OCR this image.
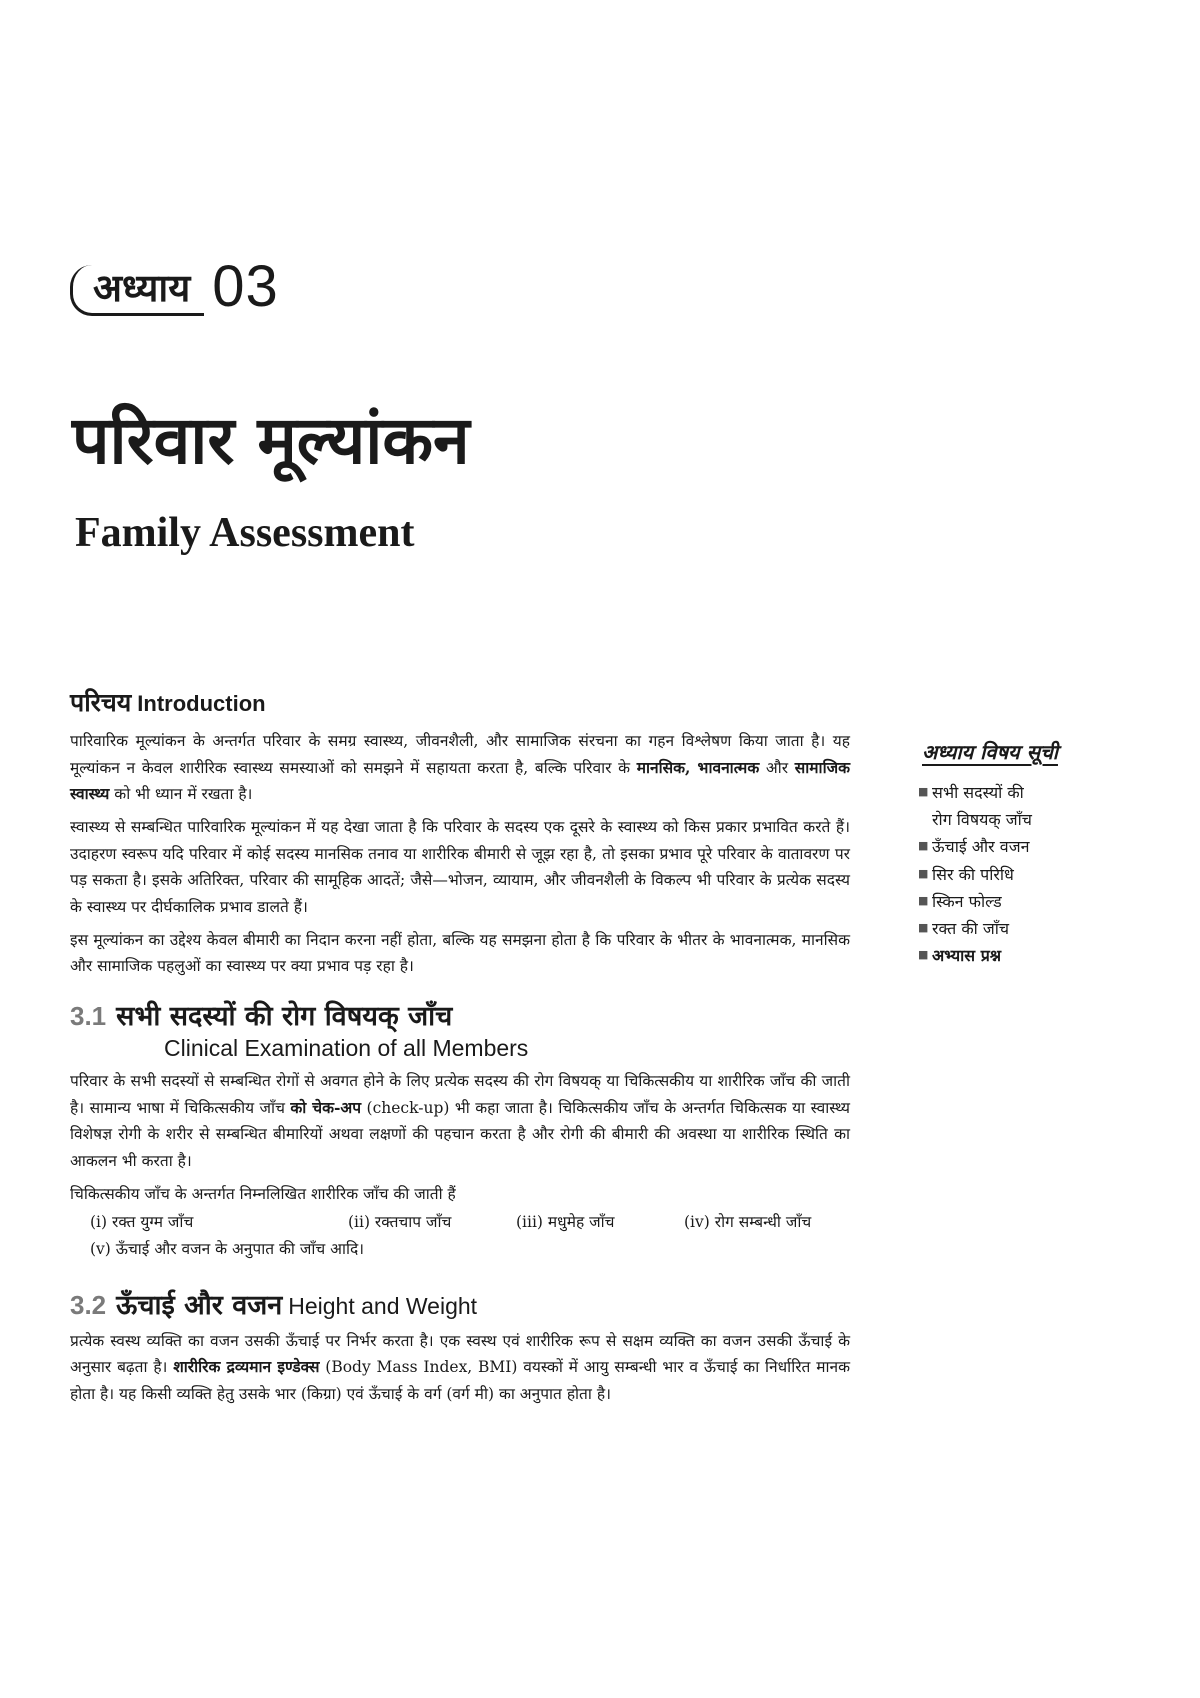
अध्याय 03
परिवार मूल्यांकन
Family Assessment
परिचय Introduction

पारिवारिक मूल्यांकन के अन्तर्गत परिवार के समग्र स्वास्थ्य, जीवनशैली, और सामाजिक संरचना का गहन विश्लेषण किया जाता है। यह मूल्यांकन न केवल शारीरिक स्वास्थ्य समस्याओं को समझने में सहायता करता है, बल्कि परिवार के मानसिक, भावनात्मक और सामाजिक स्वास्थ्य को भी ध्यान में रखता है।

स्वास्थ्य से सम्बन्धित पारिवारिक मूल्यांकन में यह देखा जाता है कि परिवार के सदस्य एक दूसरे के स्वास्थ्य को किस प्रकार प्रभावित करते हैं। उदाहरण स्वरूप यदि परिवार में कोई सदस्य मानसिक तनाव या शारीरिक बीमारी से जूझ रहा है, तो इसका प्रभाव पूरे परिवार के वातावरण पर पड़ सकता है। इसके अतिरिक्त, परिवार की सामूहिक आदतें; जैसे—भोजन, व्यायाम, और जीवनशैली के विकल्प भी परिवार के प्रत्येक सदस्य के स्वास्थ्य पर दीर्घकालिक प्रभाव डालते हैं।

इस मूल्यांकन का उद्देश्य केवल बीमारी का निदान करना नहीं होता, बल्कि यह समझना होता है कि परिवार के भीतर के भावनात्मक, मानसिक और सामाजिक पहलुओं का स्वास्थ्य पर क्या प्रभाव पड़ रहा है।

3.1 सभी सदस्यों की रोग विषयक् जाँच
Clinical Examination of all Members

परिवार के सभी सदस्यों से सम्बन्धित रोगों से अवगत होने के लिए प्रत्येक सदस्य की रोग विषयक् या चिकित्सकीय या शारीरिक जाँच की जाती है। सामान्य भाषा में चिकित्सकीय जाँच को चेक-अप (check-up) भी कहा जाता है। चिकित्सकीय जाँच के अन्तर्गत चिकित्सक या स्वास्थ्य विशेषज्ञ रोगी के शरीर से सम्बन्धित बीमारियों अथवा लक्षणों की पहचान करता है और रोगी की बीमारी की अवस्था या शारीरिक स्थिति का आकलन भी करता है।

चिकित्सकीय जाँच के अन्तर्गत निम्नलिखित शारीरिक जाँच की जाती हैं

(i) रक्त युग्म जाँच	(ii) रक्तचाप जाँच	(iii) मधुमेह जाँच	(iv) रोग सम्बन्धी जाँच
(v) ऊँचाई और वजन के अनुपात की जाँच आदि।
3.2 ऊँचाई और वजन Height and Weight

प्रत्येक स्वस्थ व्यक्ति का वजन उसकी ऊँचाई पर निर्भर करता है। एक स्वस्थ एवं शारीरिक रूप से सक्षम व्यक्ति का वजन उसकी ऊँचाई के अनुसार बढ़ता है। शारीरिक द्रव्यमान इण्डेक्स (Body Mass Index, BMI) वयस्कों में आयु सम्बन्धी भार व ऊँचाई का निर्धारित मानक होता है। यह किसी व्यक्ति हेतु उसके भार (किग्रा) एवं ऊँचाई के वर्ग (वर्ग मी) का अनुपात होता है।

अध्याय विषय सूची
■ सभी सदस्यों की
रोग विषयक् जाँच
■ ऊँचाई और वजन
■ सिर की परिधि
■ स्किन फोल्ड
■ रक्त की जाँच
■ अभ्यास प्रश्न
